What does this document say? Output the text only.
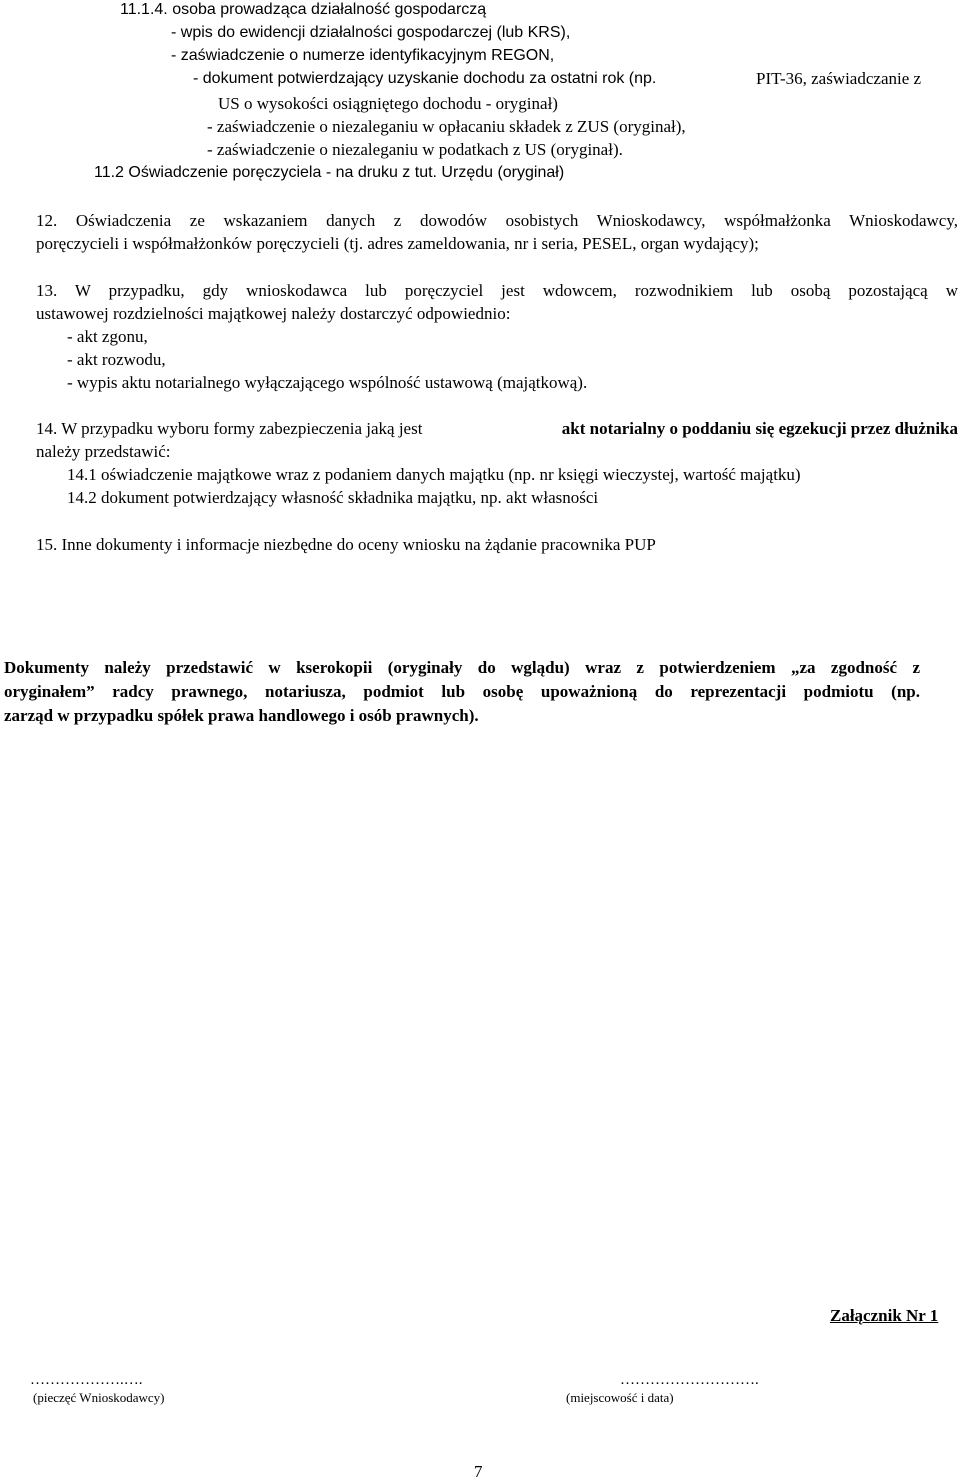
11.1.4. osoba prowadząca działalność gospodarczą
- wpis do ewidencji działalności gospodarczej (lub KRS),
- zaświadczenie o numerze identyfikacyjnym REGON,
- dokument potwierdzający uzyskanie dochodu za ostatni rok (np.	PIT-36, zaświadczanie z
US o wysokości osiągniętego dochodu - oryginał)
- zaświadczenie o niezaleganiu w opłacaniu składek z ZUS (oryginał),
- zaświadczenie o niezaleganiu w podatkach z US (oryginał).
11.2 Oświadczenie poręczyciela - na druku z tut. Urzędu (oryginał)
12. Oświadczenia ze wskazaniem danych z dowodów osobistych Wnioskodawcy, współmałżonka Wnioskodawcy,
poręczycieli i współmałżonków poręczycieli (tj. adres zameldowania, nr i seria, PESEL, organ wydający);
13. W przypadku, gdy wnioskodawca lub poręczyciel jest wdowcem, rozwodnikiem lub osobą pozostającą w
ustawowej rozdzielności majątkowej należy dostarczyć odpowiednio:
- akt zgonu,
- akt rozwodu,
- wypis aktu notarialnego wyłączającego wspólność ustawową (majątkową).
14. W przypadku wyboru formy zabezpieczenia jaką jest	akt notarialny o poddaniu się egzekucji przez dłużnika
należy przedstawić:
14.1 oświadczenie majątkowe wraz z podaniem danych majątku (np. nr księgi wieczystej, wartość majątku)
14.2 dokument potwierdzający własność składnika majątku, np. akt własności
15. Inne dokumenty i informacje niezbędne do oceny wniosku na żądanie pracownika PUP
Dokumenty należy przedstawić w kserokopii (oryginały do wglądu) wraz z potwierdzeniem „za zgodność z
oryginałem” radcy prawnego, notariusza, podmiot lub osobę upoważnioną do reprezentacji podmiotu (np.
zarząd w przypadku spółek prawa handlowego i osób prawnych).
Załącznik Nr 1
……………….….
(pieczęć Wnioskodawcy)
……………………….
(miejscowość i data)
7
